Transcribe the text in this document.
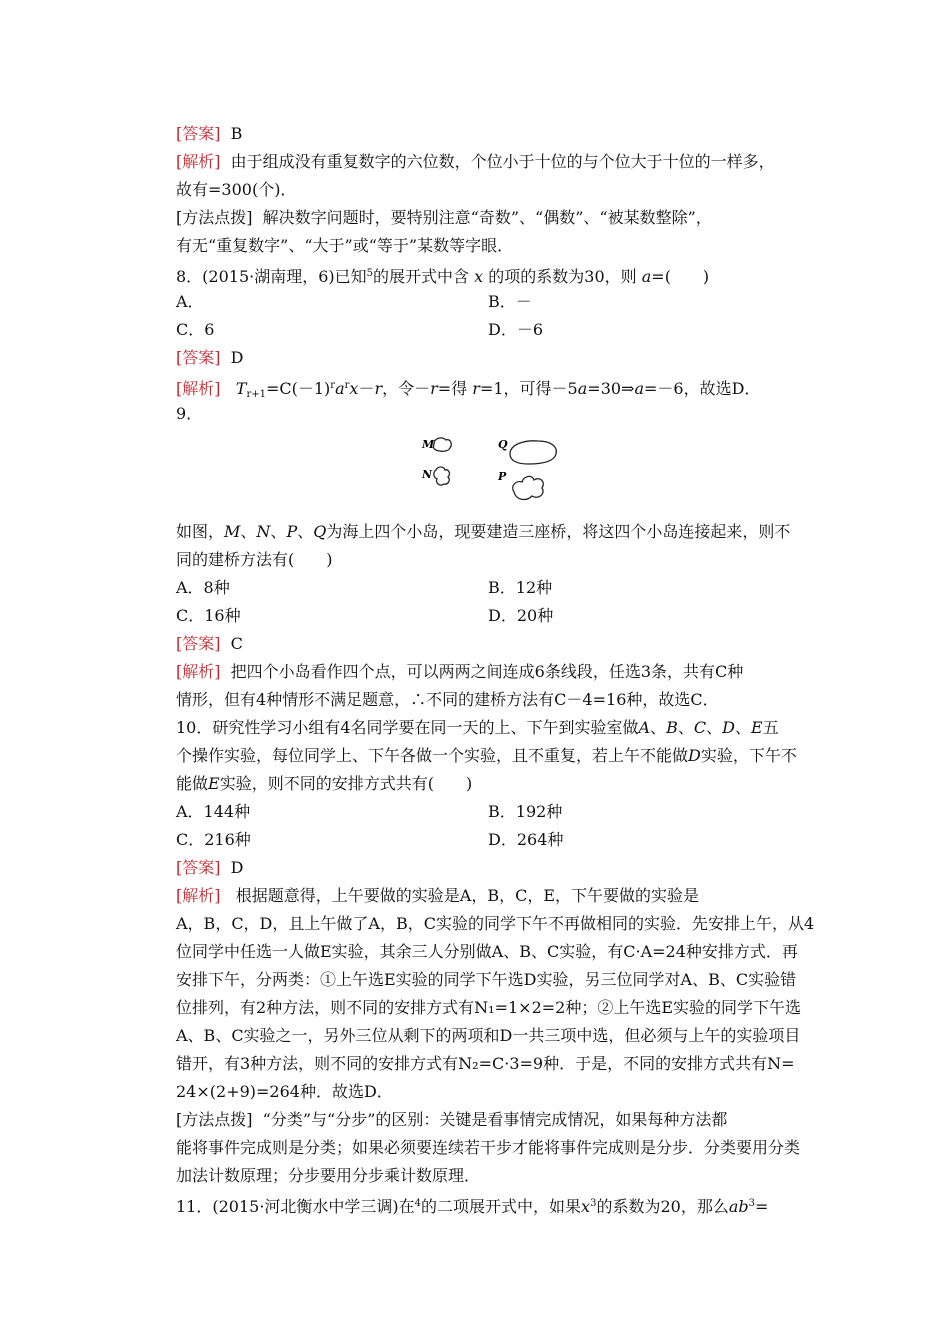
[答案] B
[解析] 由于组成没有重复数字的六位数，个位小于十位的与个位大于十位的一样多，
故有=300(个)．
[方法点拨] 解决数字问题时，要特别注意“奇数”、“偶数”、“被某数整除”，
有无“重复数字”、“大于”或“等于”某数等字眼．
8．(2015·湖南理，6)已知$^5$的展开式中含 x 的项的系数为30，则 a=(　　)
A．	B．－
C．6	D．－6
[答案] D
[解析] $T_{r+1}=C(-1)^ra^rx-r$，令－r=得 r=1，可得－5a=30⇒a=－6，故选D．
9．
M
N
Q
P
如图，M、N、P、Q为海上四个小岛，现要建造三座桥，将这四个小岛连接起来，则不
同的建桥方法有(　　)
A．8种	B．12种
C．16种	D．20种
[答案] C
[解析] 把四个小岛看作四个点，可以两两之间连成6条线段，任选3条，共有C种
情形，但有4种情形不满足题意，∴不同的建桥方法有C－4=16种，故选C．
10．研究性学习小组有4名同学要在同一天的上、下午到实验室做A、B、C、D、E五
个操作实验，每位同学上、下午各做一个实验，且不重复，若上午不能做D实验，下午不
能做E实验，则不同的安排方式共有(　　)
A．144种	B．192种
C．216种	D．264种
[答案] D
[解析] 根据题意得，上午要做的实验是A，B，C，E，下午要做的实验是
A，B，C，D，且上午做了A，B，C实验的同学下午不再做相同的实验．先安排上午，从4
位同学中任选一人做E实验，其余三人分别做A、B、C实验，有C·A=24种安排方式．再
安排下午，分两类：①上午选E实验的同学下午选D实验，另三位同学对A、B、C实验错
位排列，有2种方法，则不同的安排方式有N₁=1×2=2种；②上午选E实验的同学下午选
A、B、C实验之一，另外三位从剩下的两项和D一共三项中选，但必须与上午的实验项目
错开，有3种方法，则不同的安排方式有N₂=C·3=9种．于是，不同的安排方式共有N=
24×(2+9)=264种．故选D．
[方法点拨] “分类”与“分步”的区别：关键是看事情完成情况，如果每种方法都
能将事件完成则是分类；如果必须要连续若干步才能将事件完成则是分步．分类要用分类
加法计数原理；分步要用分步乘计数原理．
11．(2015·河北衡水中学三调)在$^4$的二项展开式中，如果$x^3$的系数为20，那么$ab^3=$
